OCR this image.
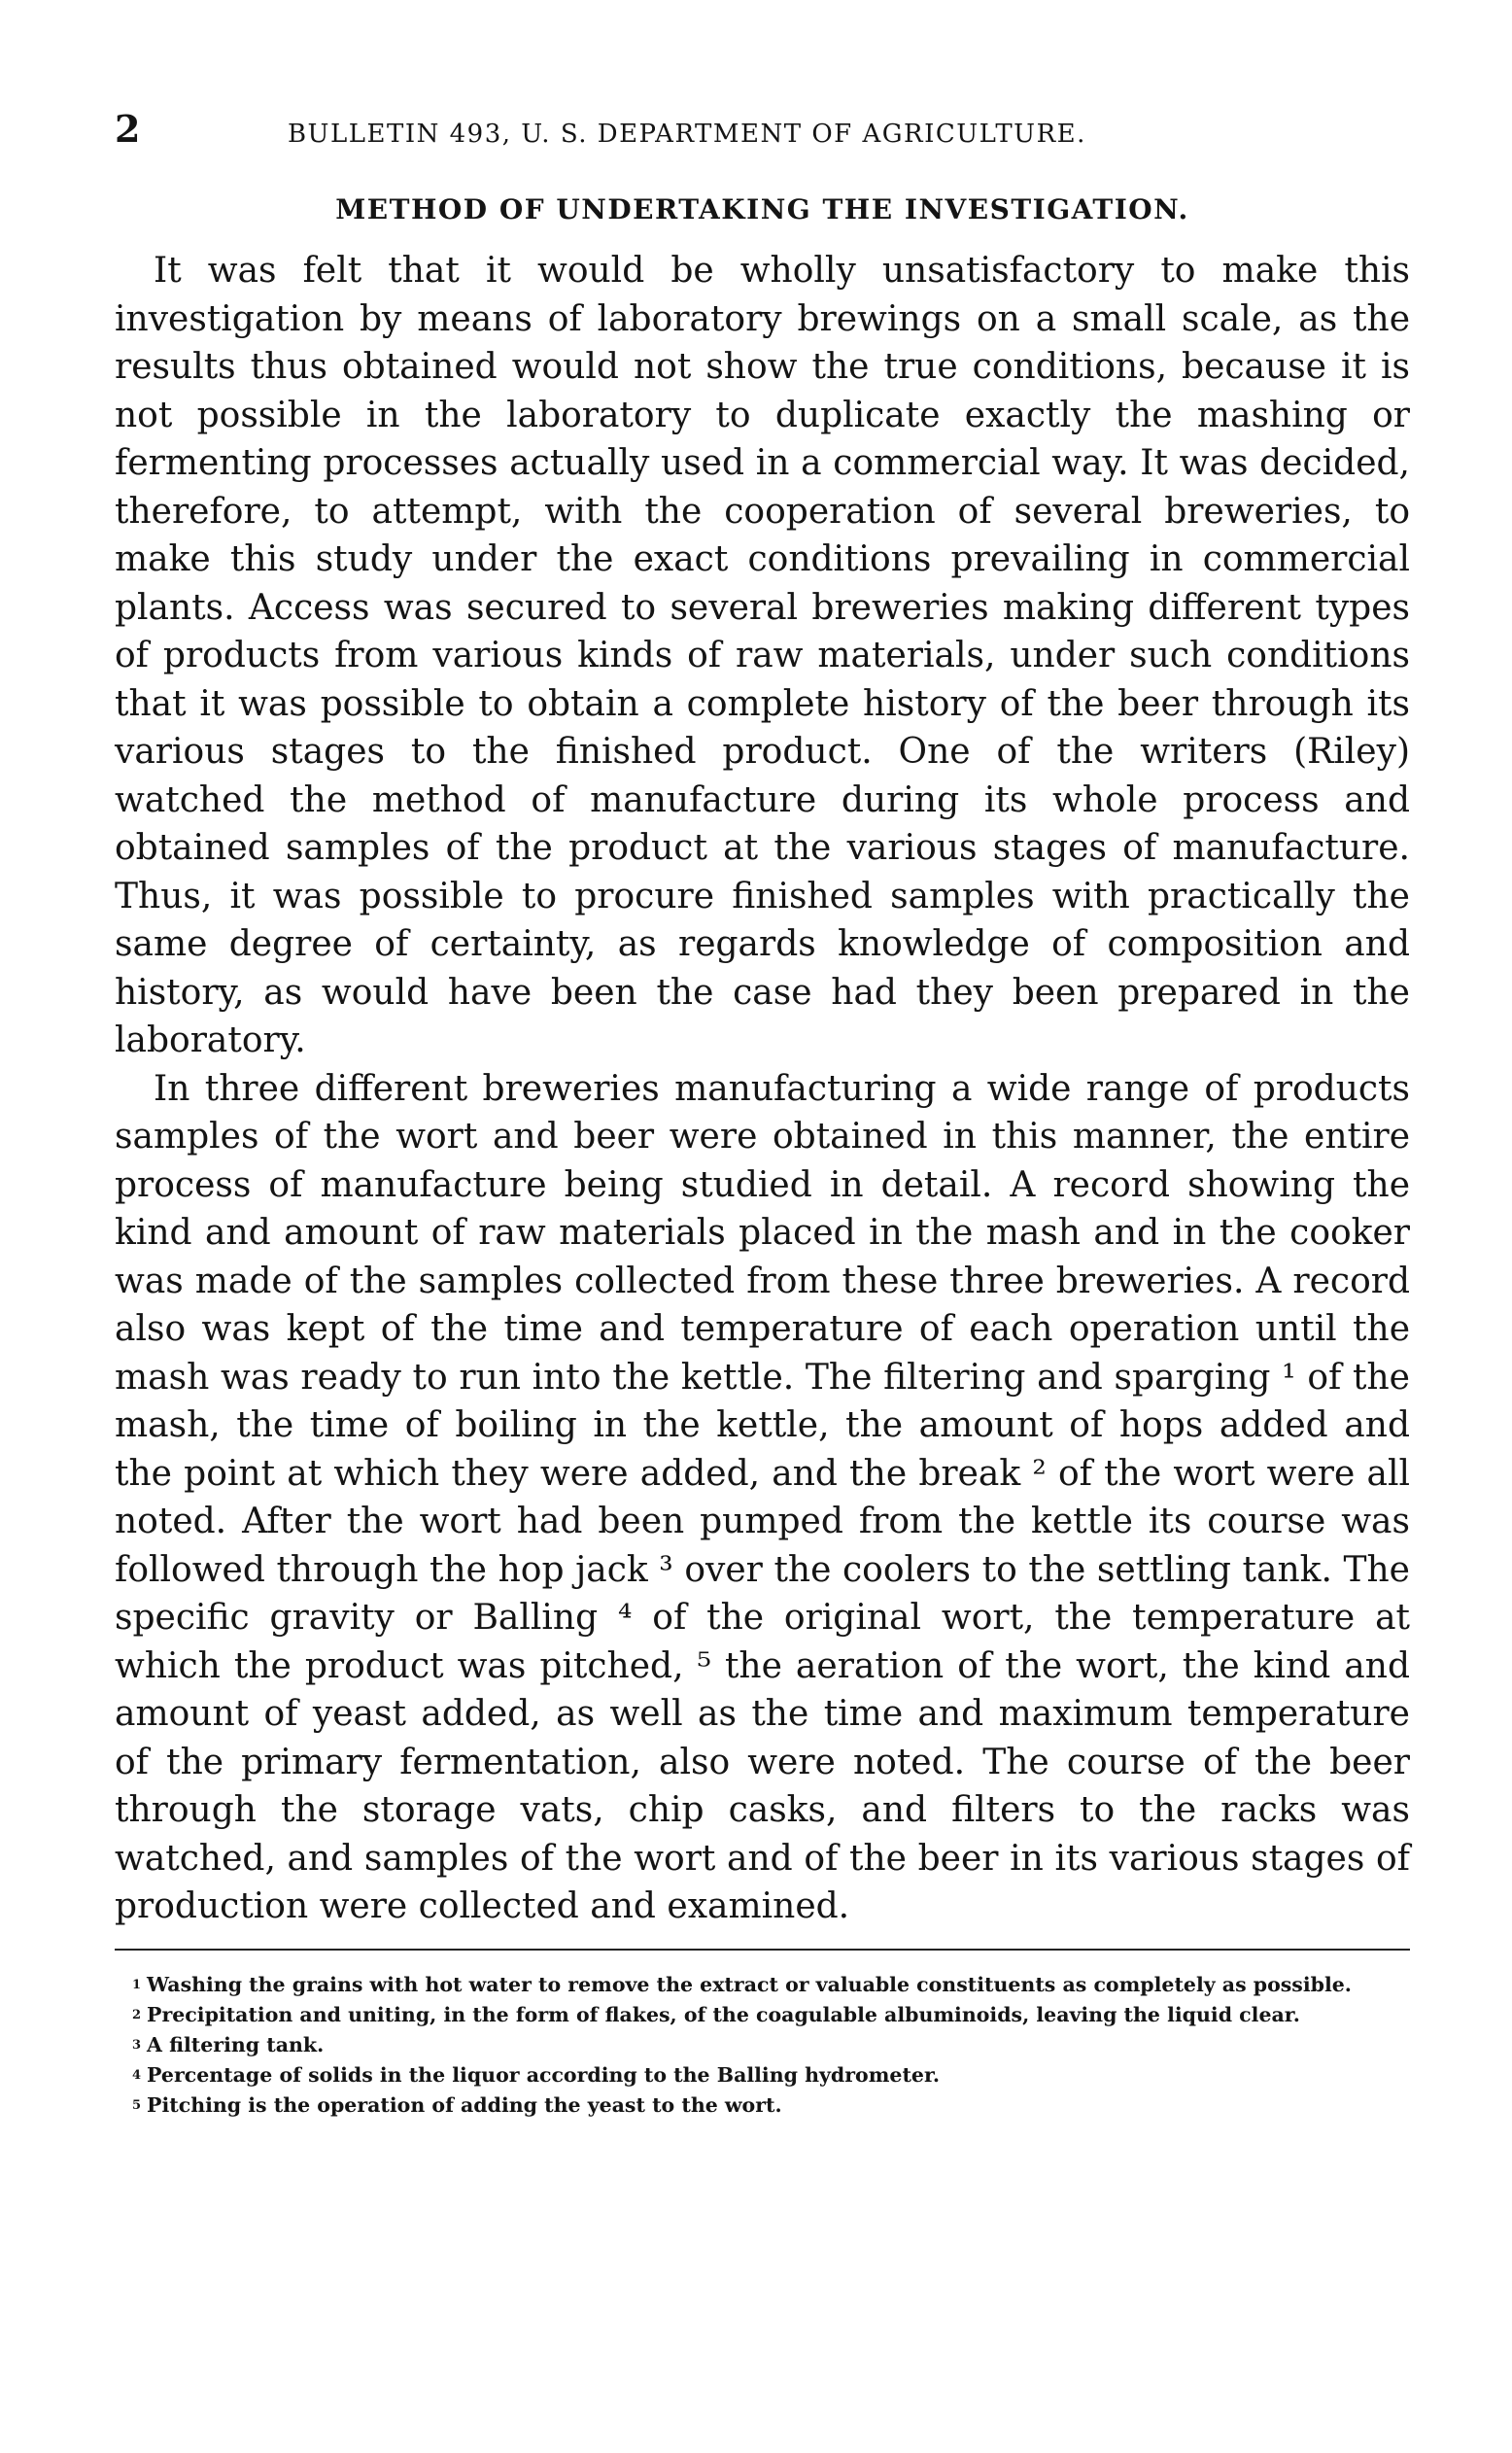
2	BULLETIN 493, U. S. DEPARTMENT OF AGRICULTURE.
METHOD OF UNDERTAKING THE INVESTIGATION.

It was felt that it would be wholly unsatisfactory to make this investigation by means of laboratory brewings on a small scale, as the results thus obtained would not show the true conditions, because it is not possible in the laboratory to duplicate exactly the mashing or fermenting processes actually used in a commercial way. It was decided, therefore, to attempt, with the cooperation of several breweries, to make this study under the exact conditions prevailing in commercial plants. Access was secured to several breweries making different types of products from various kinds of raw materials, under such conditions that it was possible to obtain a complete history of the beer through its various stages to the finished product. One of the writers (Riley) watched the method of manufacture during its whole process and obtained samples of the product at the various stages of manufacture. Thus, it was possible to procure finished samples with practically the same degree of certainty, as regards knowledge of composition and history, as would have been the case had they been prepared in the laboratory.

In three different breweries manufacturing a wide range of products samples of the wort and beer were obtained in this manner, the entire process of manufacture being studied in detail. A record showing the kind and amount of raw materials placed in the mash and in the cooker was made of the samples collected from these three breweries. A record also was kept of the time and temperature of each operation until the mash was ready to run into the kettle. The filtering and sparging ¹ of the mash, the time of boiling in the kettle, the amount of hops added and the point at which they were added, and the break ² of the wort were all noted. After the wort had been pumped from the kettle its course was followed through the hop jack ³ over the coolers to the settling tank. The specific gravity or Balling ⁴ of the original wort, the temperature at which the product was pitched, ⁵ the aeration of the wort, the kind and amount of yeast added, as well as the time and maximum temperature of the primary fermentation, also were noted. The course of the beer through the storage vats, chip casks, and filters to the racks was watched, and samples of the wort and of the beer in its various stages of production were collected and examined.

$^1$ Washing the grains with hot water to remove the extract or valuable constituents as completely as possible.

$^2$ Precipitation and uniting, in the form of flakes, of the coagulable albuminoids, leaving the liquid clear.

$^3$ A filtering tank.

$^4$ Percentage of solids in the liquor according to the Balling hydrometer.

$^5$ Pitching is the operation of adding the yeast to the wort.
